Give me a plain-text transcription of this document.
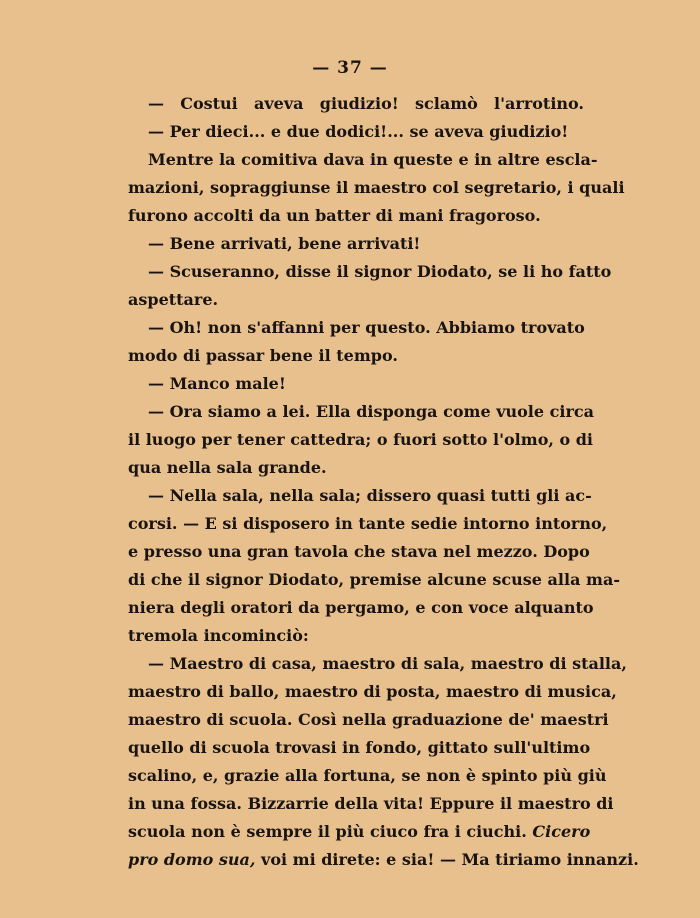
— 37 —
— Costui aveva giudizio! sclamò l'arrotino.
— Per dieci... e due dodici!... se aveva giudizio!
Mentre la comitiva dava in queste e in altre escla-
mazioni, sopraggiunse il maestro col segretario, i quali
furono accolti da un batter di mani fragoroso.
— Bene arrivati, bene arrivati!
— Scuseranno, disse il signor Diodato, se li ho fatto
aspettare.
— Oh! non s'affanni per questo. Abbiamo trovato
modo di passar bene il tempo.
— Manco male!
— Ora siamo a lei. Ella disponga come vuole circa
il luogo per tener cattedra; o fuori sotto l'olmo, o di
qua nella sala grande.
— Nella sala, nella sala; dissero quasi tutti gli ac-
corsi. — E si disposero in tante sedie intorno intorno,
e presso una gran tavola che stava nel mezzo. Dopo
di che il signor Diodato, premise alcune scuse alla ma-
niera degli oratori da pergamo, e con voce alquanto
tremola incominciò:
— Maestro di casa, maestro di sala, maestro di stalla,
maestro di ballo, maestro di posta, maestro di musica,
maestro di scuola. Così nella graduazione de' maestri
quello di scuola trovasi in fondo, gittato sull'ultimo
scalino, e, grazie alla fortuna, se non è spinto più giù
in una fossa. Bizzarrie della vita! Eppure il maestro di
scuola non è sempre il più ciuco fra i ciuchi. Cicero
pro domo sua, voi mi direte: e sia! — Ma tiriamo innanzi.
